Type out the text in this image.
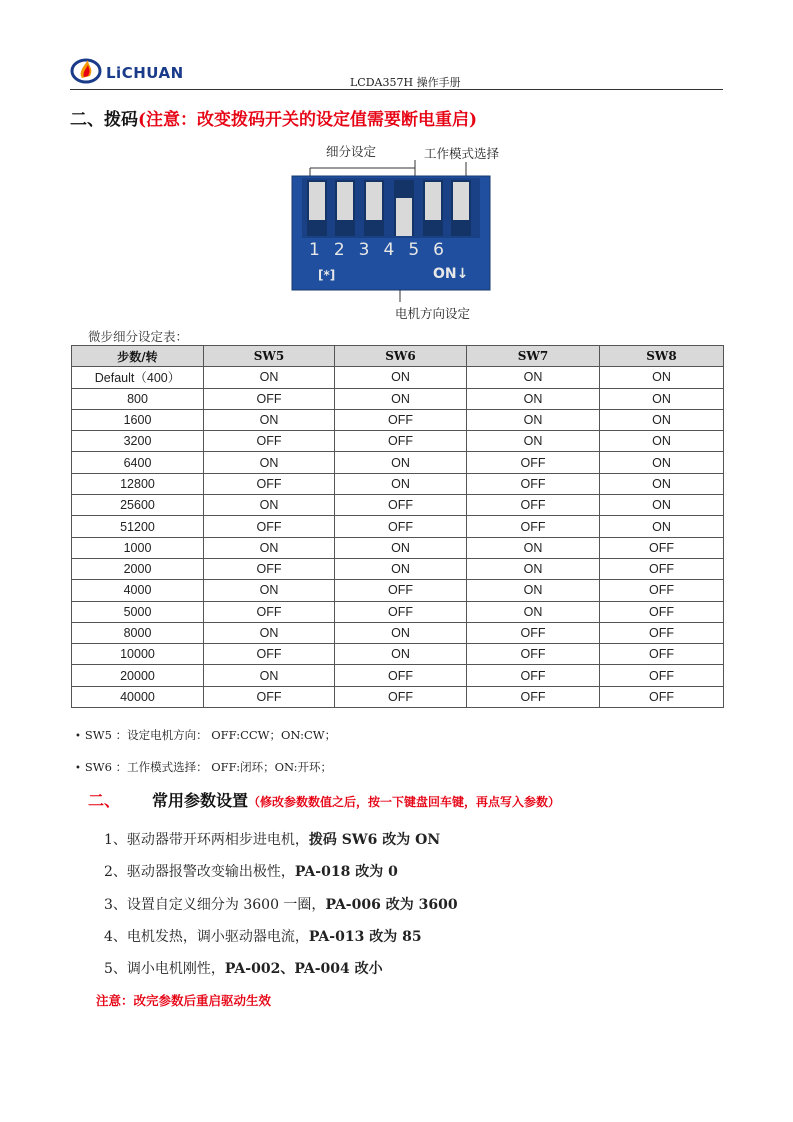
LiCHUAN
LCDA357H 操作手册
二、拨码(注意：改变拨码开关的设定值需要断电重启)
细分设定	工作模式选择
电机方向设定
123456
[*]	ON↓
微步细分设定表：
步数/转	SW5	SW6	SW7	SW8
Default（400）	ON	ON	ON	ON
800	OFF	ON	ON	ON
1600	ON	OFF	ON	ON
3200	OFF	OFF	ON	ON
6400	ON	ON	OFF	ON
12800	OFF	ON	OFF	ON
25600	ON	OFF	OFF	ON
51200	OFF	OFF	OFF	ON
1000	ON	ON	ON	OFF
2000	OFF	ON	ON	OFF
4000	ON	OFF	ON	OFF
5000	OFF	OFF	ON	OFF
8000	ON	ON	OFF	OFF
10000	OFF	ON	OFF	OFF
20000	ON	OFF	OFF	OFF
40000	OFF	OFF	OFF	OFF
• SW5 ：设定电机方向： OFF:CCW；ON:CW；
• SW6 ：工作模式选择： OFF:闭环；ON:开环；
二、 常用参数设置（修改参数数值之后，按一下键盘回车键，再点写入参数）
1、驱动器带开环两相步进电机，拨码 SW6 改为 ON
2、驱动器报警改变输出极性，PA-018 改为 0
3、设置自定义细分为 3600 一圈，PA-006 改为 3600
4、电机发热，调小驱动器电流，PA-013 改为 85
5、调小电机刚性，PA-002、PA-004 改小
注意：改完参数后重启驱动生效
